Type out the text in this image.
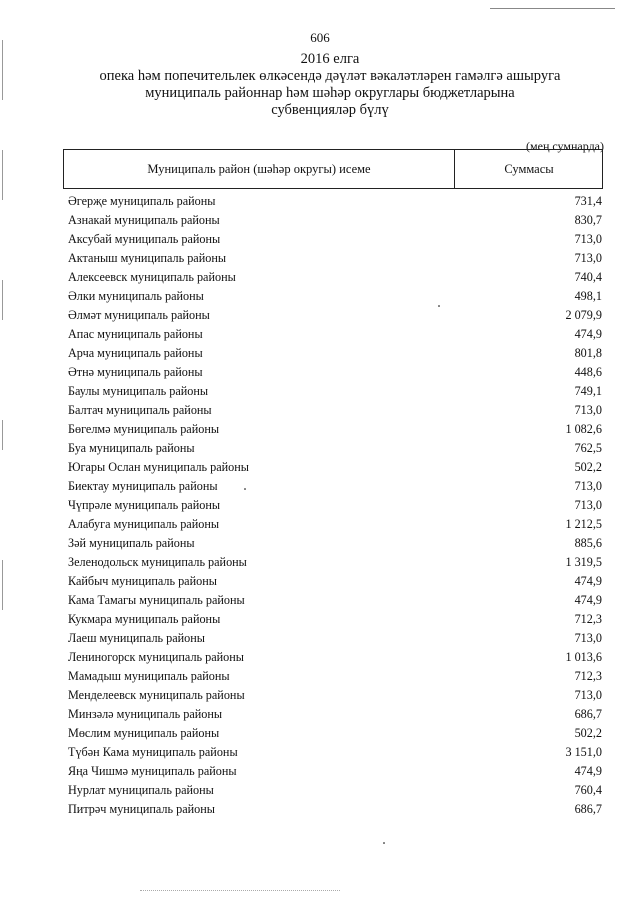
606
2016 елга
опека һәм попечительлек өлкәсендә дәүләт вәкаләтләрен гамәлгә ашыруга
муниципаль районнар һәм шәһәр округлары бюджетларына
субвенцияләр бүлү
(мең сумнарда)
Муниципаль район (шәһәр округы) исеме	Суммасы
Әгерҗе муниципаль районы	731,4
Азнакай муниципаль районы	830,7
Аксубай муниципаль районы	713,0
Актаныш муниципаль районы	713,0
Алексеевск муниципаль районы	740,4
Әлки муниципаль районы	498,1
Әлмәт муниципаль районы	2 079,9
Апас муниципаль районы	474,9
Арча муниципаль районы	801,8
Әтнә муниципаль районы	448,6
Баулы муниципаль районы	749,1
Балтач муниципаль районы	713,0
Бөгелмә муниципаль районы	1 082,6
Буа муниципаль районы	762,5
Югары Ослан муниципаль районы	502,2
Биектау муниципаль районы	713,0
Чүпрәле муниципаль районы	713,0
Алабуга муниципаль районы	1 212,5
Зәй муниципаль районы	885,6
Зеленодольск муниципаль районы	1 319,5
Кайбыч муниципаль районы	474,9
Кама Тамагы муниципаль районы	474,9
Кукмара муниципаль районы	712,3
Лаеш муниципаль районы	713,0
Лениногорск муниципаль районы	1 013,6
Мамадыш муниципаль районы	712,3
Менделеевск муниципаль районы	713,0
Минзәлә муниципаль районы	686,7
Мөслим муниципаль районы	502,2
Түбән Кама муниципаль районы	3 151,0
Яңа Чишмә муниципаль районы	474,9
Нурлат муниципаль районы	760,4
Питрәч муниципаль районы	686,7
